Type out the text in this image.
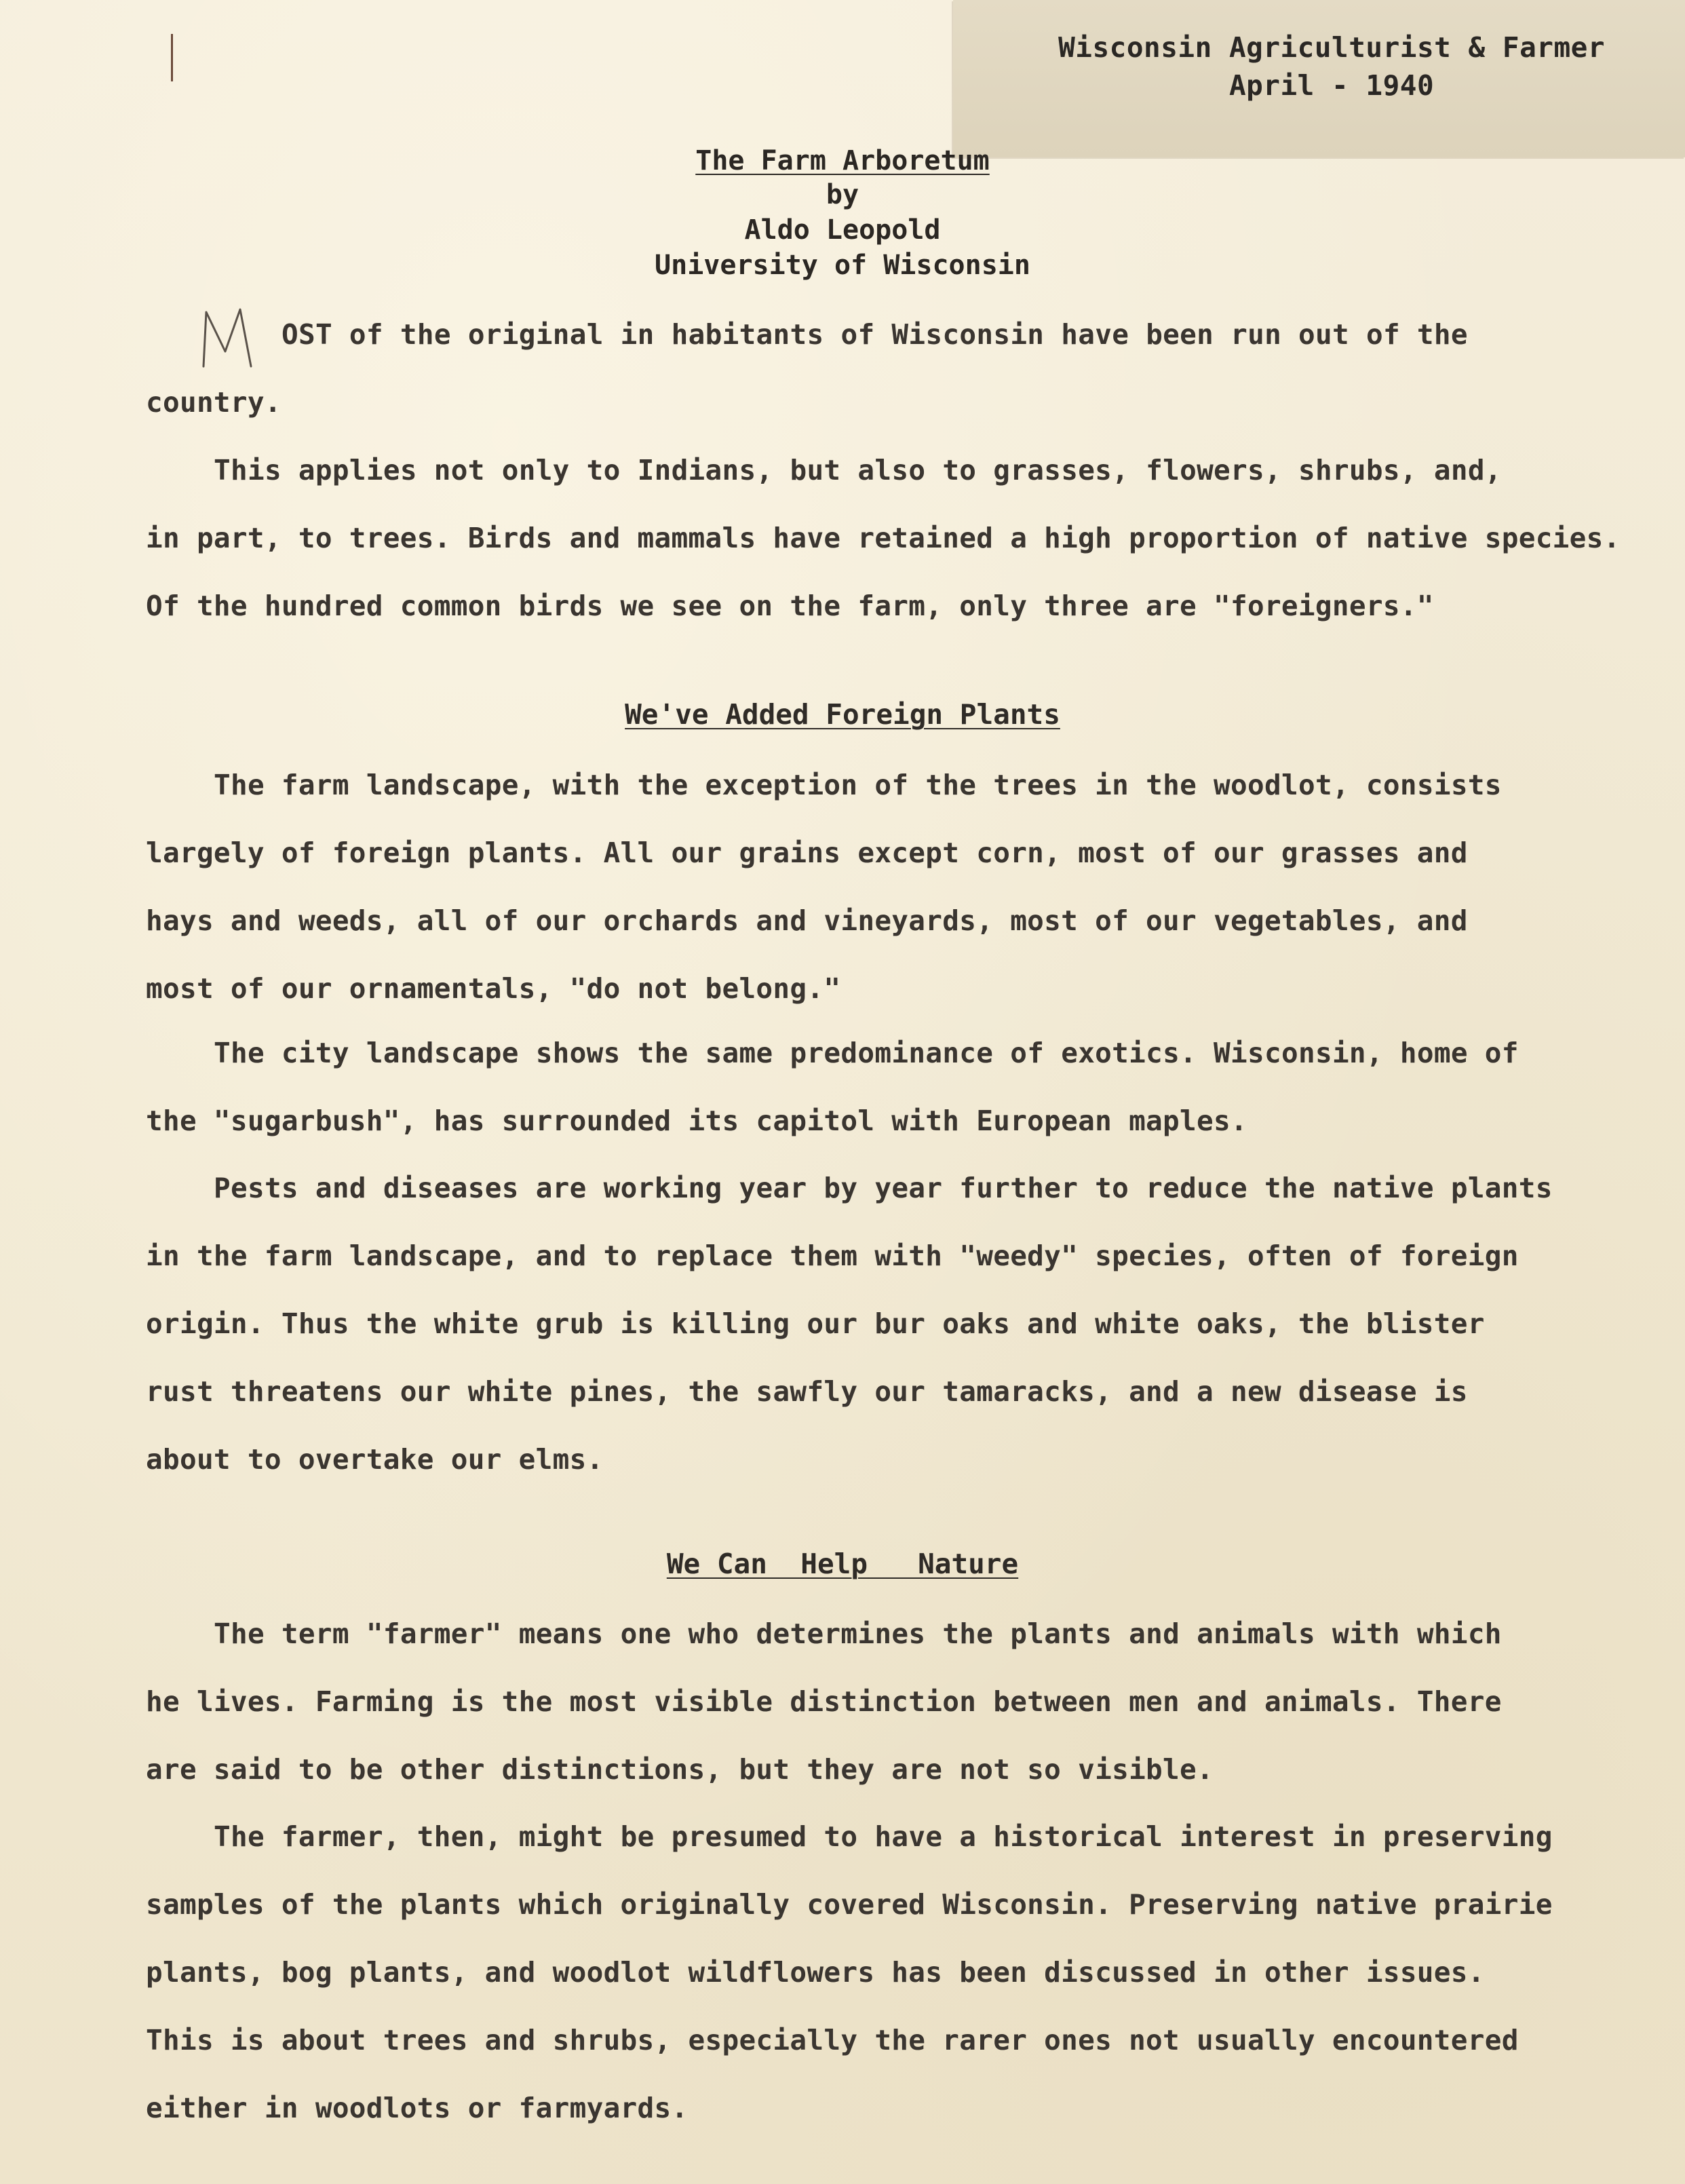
Wisconsin Agriculturist & Farmer
April - 1940
The Farm Arboretum
by
Aldo Leopold
University of Wisconsin
OST of the original in habitants of Wisconsin have been run out of the
country.
This applies not only to Indians, but also to grasses, flowers, shrubs, and,
in part, to trees. Birds and mammals have retained a high proportion of native species.
Of the hundred common birds we see on the farm, only three are "foreigners."
We've Added Foreign Plants
The farm landscape, with the exception of the trees in the woodlot, consists
largely of foreign plants. All our grains except corn, most of our grasses and
hays and weeds, all of our orchards and vineyards, most of our vegetables, and
most of our ornamentals, "do not belong."
The city landscape shows the same predominance of exotics. Wisconsin, home of
the "sugarbush", has surrounded its capitol with European maples.
Pests and diseases are working year by year further to reduce the native plants
in the farm landscape, and to replace them with "weedy" species, often of foreign
origin. Thus the white grub is killing our bur oaks and white oaks, the blister
rust threatens our white pines, the sawfly our tamaracks, and a new disease is
about to overtake our elms.
We Can  Help   Nature
The term "farmer" means one who determines the plants and animals with which
he lives. Farming is the most visible distinction between men and animals. There
are said to be other distinctions, but they are not so visible.
The farmer, then, might be presumed to have a historical interest in preserving
samples of the plants which originally covered Wisconsin. Preserving native prairie
plants, bog plants, and woodlot wildflowers has been discussed in other issues.
This is about trees and shrubs, especially the rarer ones not usually encountered
either in woodlots or farmyards.
